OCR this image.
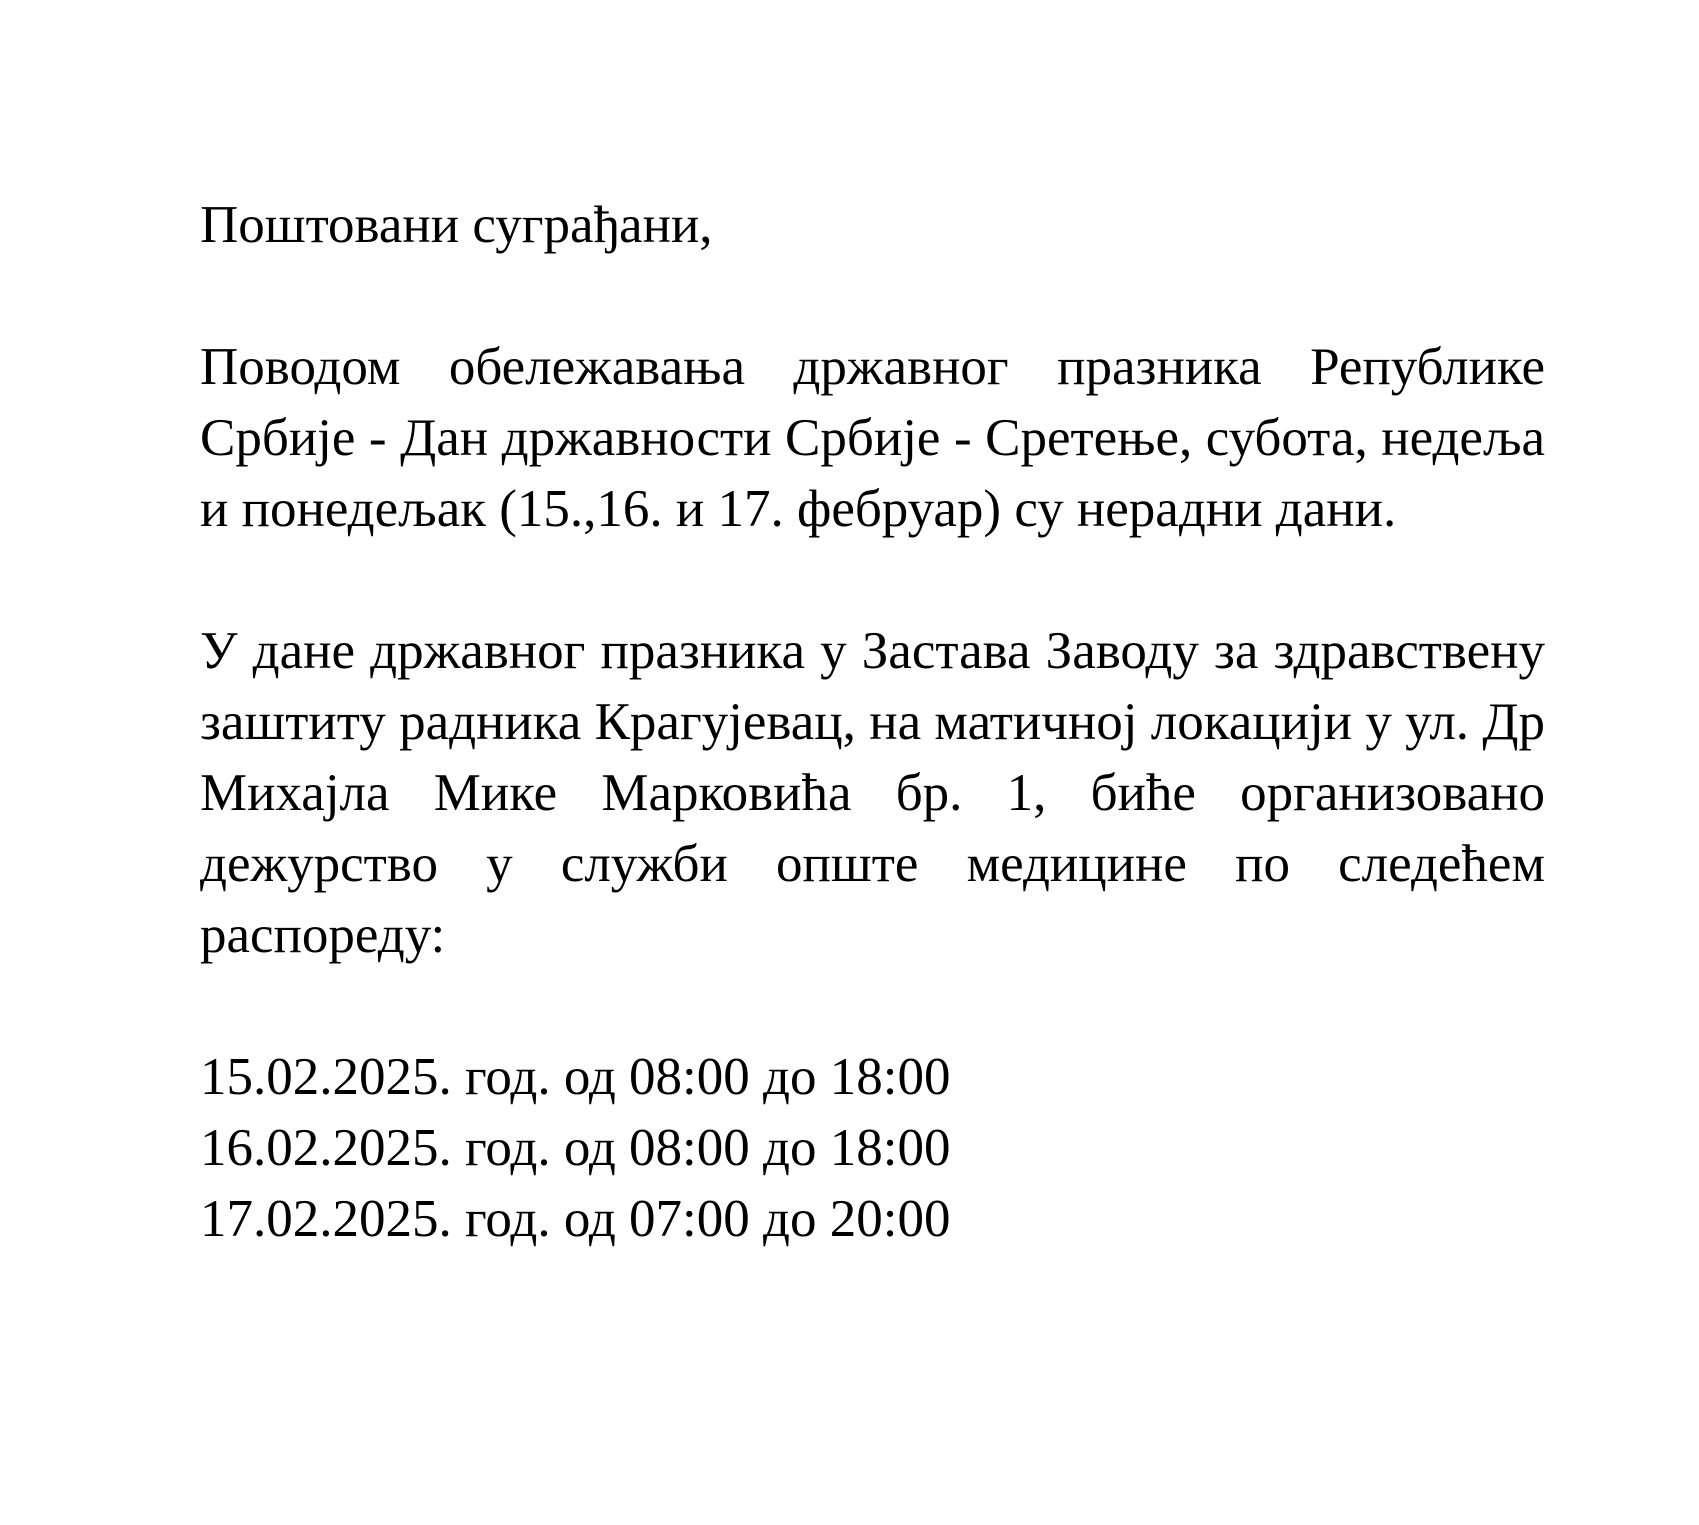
Поштовани суграђани,

Поводом обележавања државног празника Републике Србије - Дан државности Србије - Сретење, субота, недеља и понедељак (15.,16. и 17. фебруар) су нерадни дани.

У дане државног празника у Застава Заводу за здравствену заштиту радника Крагујевац, на матичној локацији у ул. Др Михајла Мике Марковића бр. 1, биће организовано дежурство у служби опште медицине по следећем распореду:

15.02.2025. год. од 08:00 до 18:00

16.02.2025. год. од 08:00 до 18:00

17.02.2025. год. од 07:00 до 20:00
